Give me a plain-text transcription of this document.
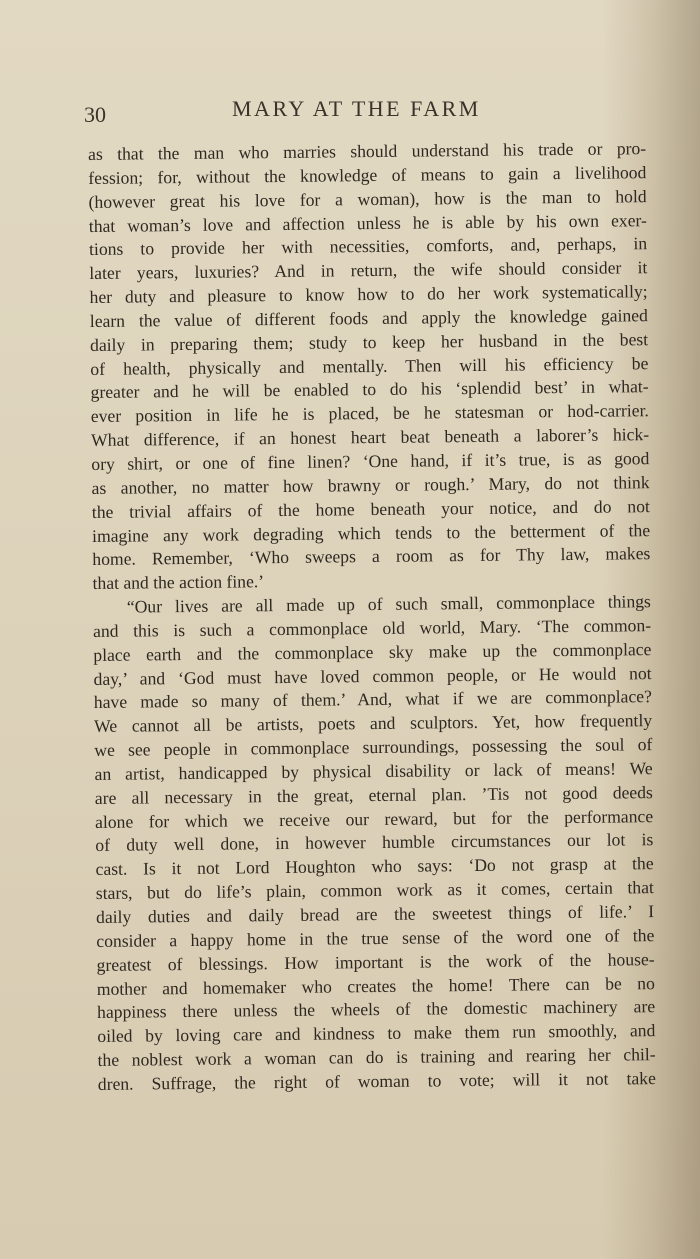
30	MARY AT THE FARM
as that the man who marries should understand his trade or pro-
fession; for, without the knowledge of means to gain a livelihood
(however great his love for a woman), how is the man to hold
that woman’s love and affection unless he is able by his own exer-
tions to provide her with necessities, comforts, and, perhaps, in
later years, luxuries? And in return, the wife should consider it
her duty and pleasure to know how to do her work systematically;
learn the value of different foods and apply the knowledge gained
daily in preparing them; study to keep her husband in the best
of health, physically and mentally. Then will his efficiency be
greater and he will be enabled to do his ‘splendid best’ in what-
ever position in life he is placed, be he statesman or hod-carrier.
What difference, if an honest heart beat beneath a laborer’s hick-
ory shirt, or one of fine linen? ‘One hand, if it’s true, is as good
as another, no matter how brawny or rough.’ Mary, do not think
the trivial affairs of the home beneath your notice, and do not
imagine any work degrading which tends to the betterment of the
home. Remember, ‘Who sweeps a room as for Thy law, makes
that and the action fine.’
“Our lives are all made up of such small, commonplace things
and this is such a commonplace old world, Mary. ‘The common-
place earth and the commonplace sky make up the commonplace
day,’ and ‘God must have loved common people, or He would not
have made so many of them.’ And, what if we are commonplace?
We cannot all be artists, poets and sculptors. Yet, how frequently
we see people in commonplace surroundings, possessing the soul of
an artist, handicapped by physical disability or lack of means! We
are all necessary in the great, eternal plan. ’Tis not good deeds
alone for which we receive our reward, but for the performance
of duty well done, in however humble circumstances our lot is
cast. Is it not Lord Houghton who says: ‘Do not grasp at the
stars, but do life’s plain, common work as it comes, certain that
daily duties and daily bread are the sweetest things of life.’ I
consider a happy home in the true sense of the word one of the
greatest of blessings. How important is the work of the house-
mother and homemaker who creates the home! There can be no
happiness there unless the wheels of the domestic machinery are
oiled by loving care and kindness to make them run smoothly, and
the noblest work a woman can do is training and rearing her chil-
dren. Suffrage, the right of woman to vote; will it not take
